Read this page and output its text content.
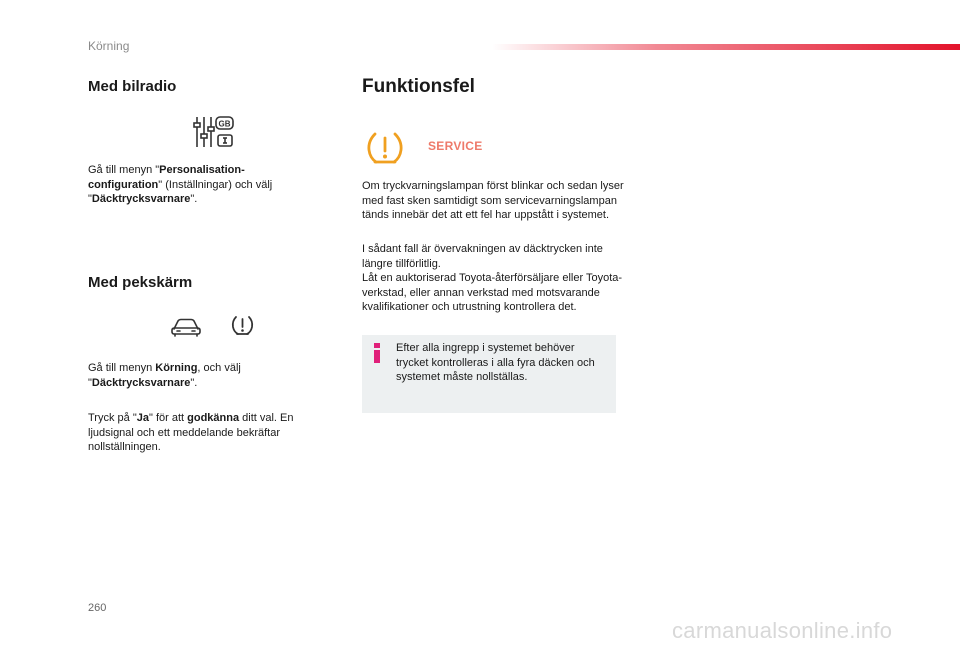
Körning
Med bilradio
GB
Gå till menyn "Personalisation-configuration" (Inställningar) och välj "Däcktrycksvarnare".
Med pekskärm
Gå till menyn Körning, och välj "Däcktrycksvarnare".
Tryck på "Ja" för att godkänna ditt val. En ljudsignal och ett meddelande bekräftar nollställningen.
Funktionsfel
SERVICE
Om tryckvarningslampan först blinkar och sedan lyser med fast sken samtidigt som servicevarningslampan tänds innebär det att ett fel har uppstått i systemet.
I sådant fall är övervakningen av däcktrycken inte längre tillförlitlig.
Låt en auktoriserad Toyota-återförsäljare eller Toyota-verkstad, eller annan verkstad med motsvarande kvalifikationer och utrustning kontrollera det.
Efter alla ingrepp i systemet behöver trycket kontrolleras i alla fyra däcken och systemet måste nollställas.
260
carmanualsonline.info
